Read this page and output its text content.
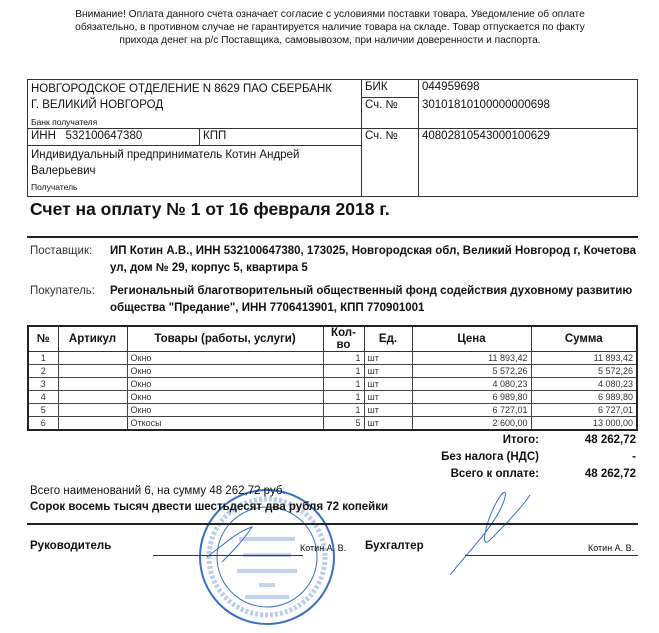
Внимание! Оплата данного счета означает согласие с условиями поставки товара. Уведомление об оплате
обязательно, в противном случае не гарантируется наличие товара на складе. Товар отпускается по факту
прихода денег на р/с Поставщика, самовывозом, при наличии доверенности и паспорта.
НОВГОРОДСКОЕ ОТДЕЛЕНИЕ N 8629 ПАО СБЕРБАНК
Г. ВЕЛИКИЙ НОВГОРОД		БИК	044959698
		Сч. №	30101810100000000698
Банк получателя			
ИНН 532100647380	КПП	Сч. №	40802810543000100629

Индивидуальный предприниматель Котин Андрей Валерьевич
Получатель			
Счет на оплату № 1 от 16 февраля 2018 г.
Поставщик: ИП Котин А.В., ИНН 532100647380, 173025, Новгородская обл, Великий Новгород г, Кочетова ул, дом № 29, корпус 5, квартира 5
Покупатель: Региональный благотворительный общественный фонд содействия духовному развитию общества "Предание", ИНН 7706413901, КПП 770901001
№	Артикул	Товары (работы, услуги)	Кол-во	Ед.	Цена	Сумма
1		Окно	1	шт	11 893,42	11 893,42
2		Окно	1	шт	5 572,26	5 572,26
3		Окно	1	шт	4 080,23	4 080,23
4		Окно	1	шт	6 989,80	6 989,80
5		Окно	1	шт	6 727,01	6 727,01
6		Откосы	5	шт	2 600,00	13 000,00
Итого:	48 262,72
Без налога (НДС)	-
Всего к оплате:	48 262,72
Всего наименований 6, на сумму 48 262,72 руб.
Сорок восемь тысяч двести шестьдесят два рубля 72 копейки
Руководитель	Котин А. В. Бухгалтер	Котин А. В.
